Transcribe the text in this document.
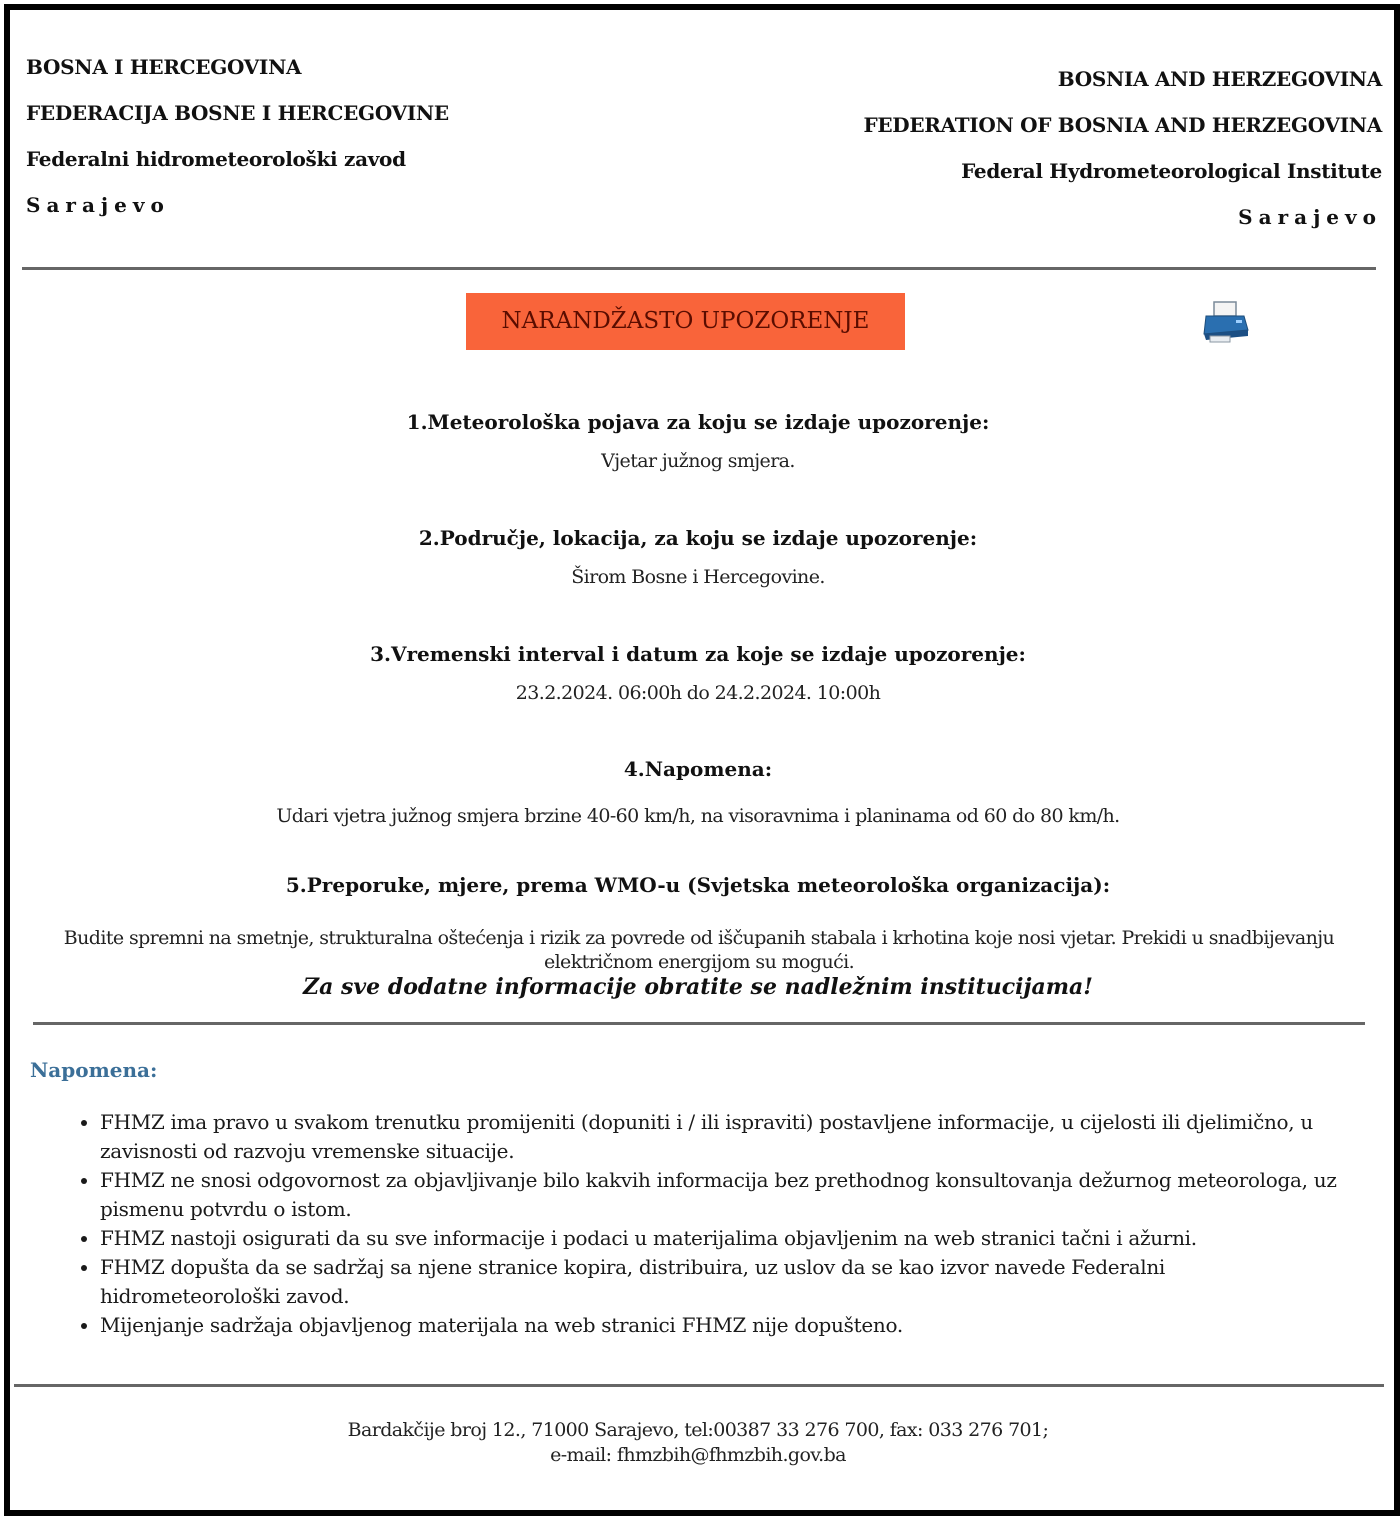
BOSNA I HERCEGOVINA
FEDERACIJA BOSNE I HERCEGOVINE
Federalni hidrometeorološki zavod
Sarajevo
BOSNIA AND HERZEGOVINA
FEDERATION OF BOSNIA AND HERZEGOVINA
Federal Hydrometeorological Institute
Sarajevo
NARANDŽASTO UPOZORENJE
1.Meteorološka pojava za koju se izdaje upozorenje:
Vjetar južnog smjera.
2.Područje, lokacija, za koju se izdaje upozorenje:
Širom Bosne i Hercegovine.
3.Vremenski interval i datum za koje se izdaje upozorenje:
23.2.2024. 06:00h do 24.2.2024. 10:00h
4.Napomena:
Udari vjetra južnog smjera brzine 40-60 km/h, na visoravnima i planinama od 60 do 80 km/h.
5.Preporuke, mjere, prema WMO-u (Svjetska meteorološka organizacija):
Budite spremni na smetnje, strukturalna oštećenja i rizik za povrede od iščupanih stabala i krhotina koje nosi vjetar. Prekidi u snadbijevanju električnom energijom su mogući.
Za sve dodatne informacije obratite se nadležnim institucijama!
Napomena:
• FHMZ ima pravo u svakom trenutku promijeniti (dopuniti i / ili ispraviti) postavljene informacije, u cijelosti ili djelimično, u zavisnosti od razvoju vremenske situacije.
• FHMZ ne snosi odgovornost za objavljivanje bilo kakvih informacija bez prethodnog konsultovanja dežurnog meteorologa, uz pismenu potvrdu o istom.
• FHMZ nastoji osigurati da su sve informacije i podaci u materijalima objavljenim na web stranici tačni i ažurni.
• FHMZ dopušta da se sadržaj sa njene stranice kopira, distribuira, uz uslov da se kao izvor navede Federalni hidrometeorološki zavod.
• Mijenjanje sadržaja objavljenog materijala na web stranici FHMZ nije dopušteno.
Bardakčije broj 12., 71000 Sarajevo, tel:00387 33 276 700, fax: 033 276 701;
e-mail: fhmzbih@fhmzbih.gov.ba
